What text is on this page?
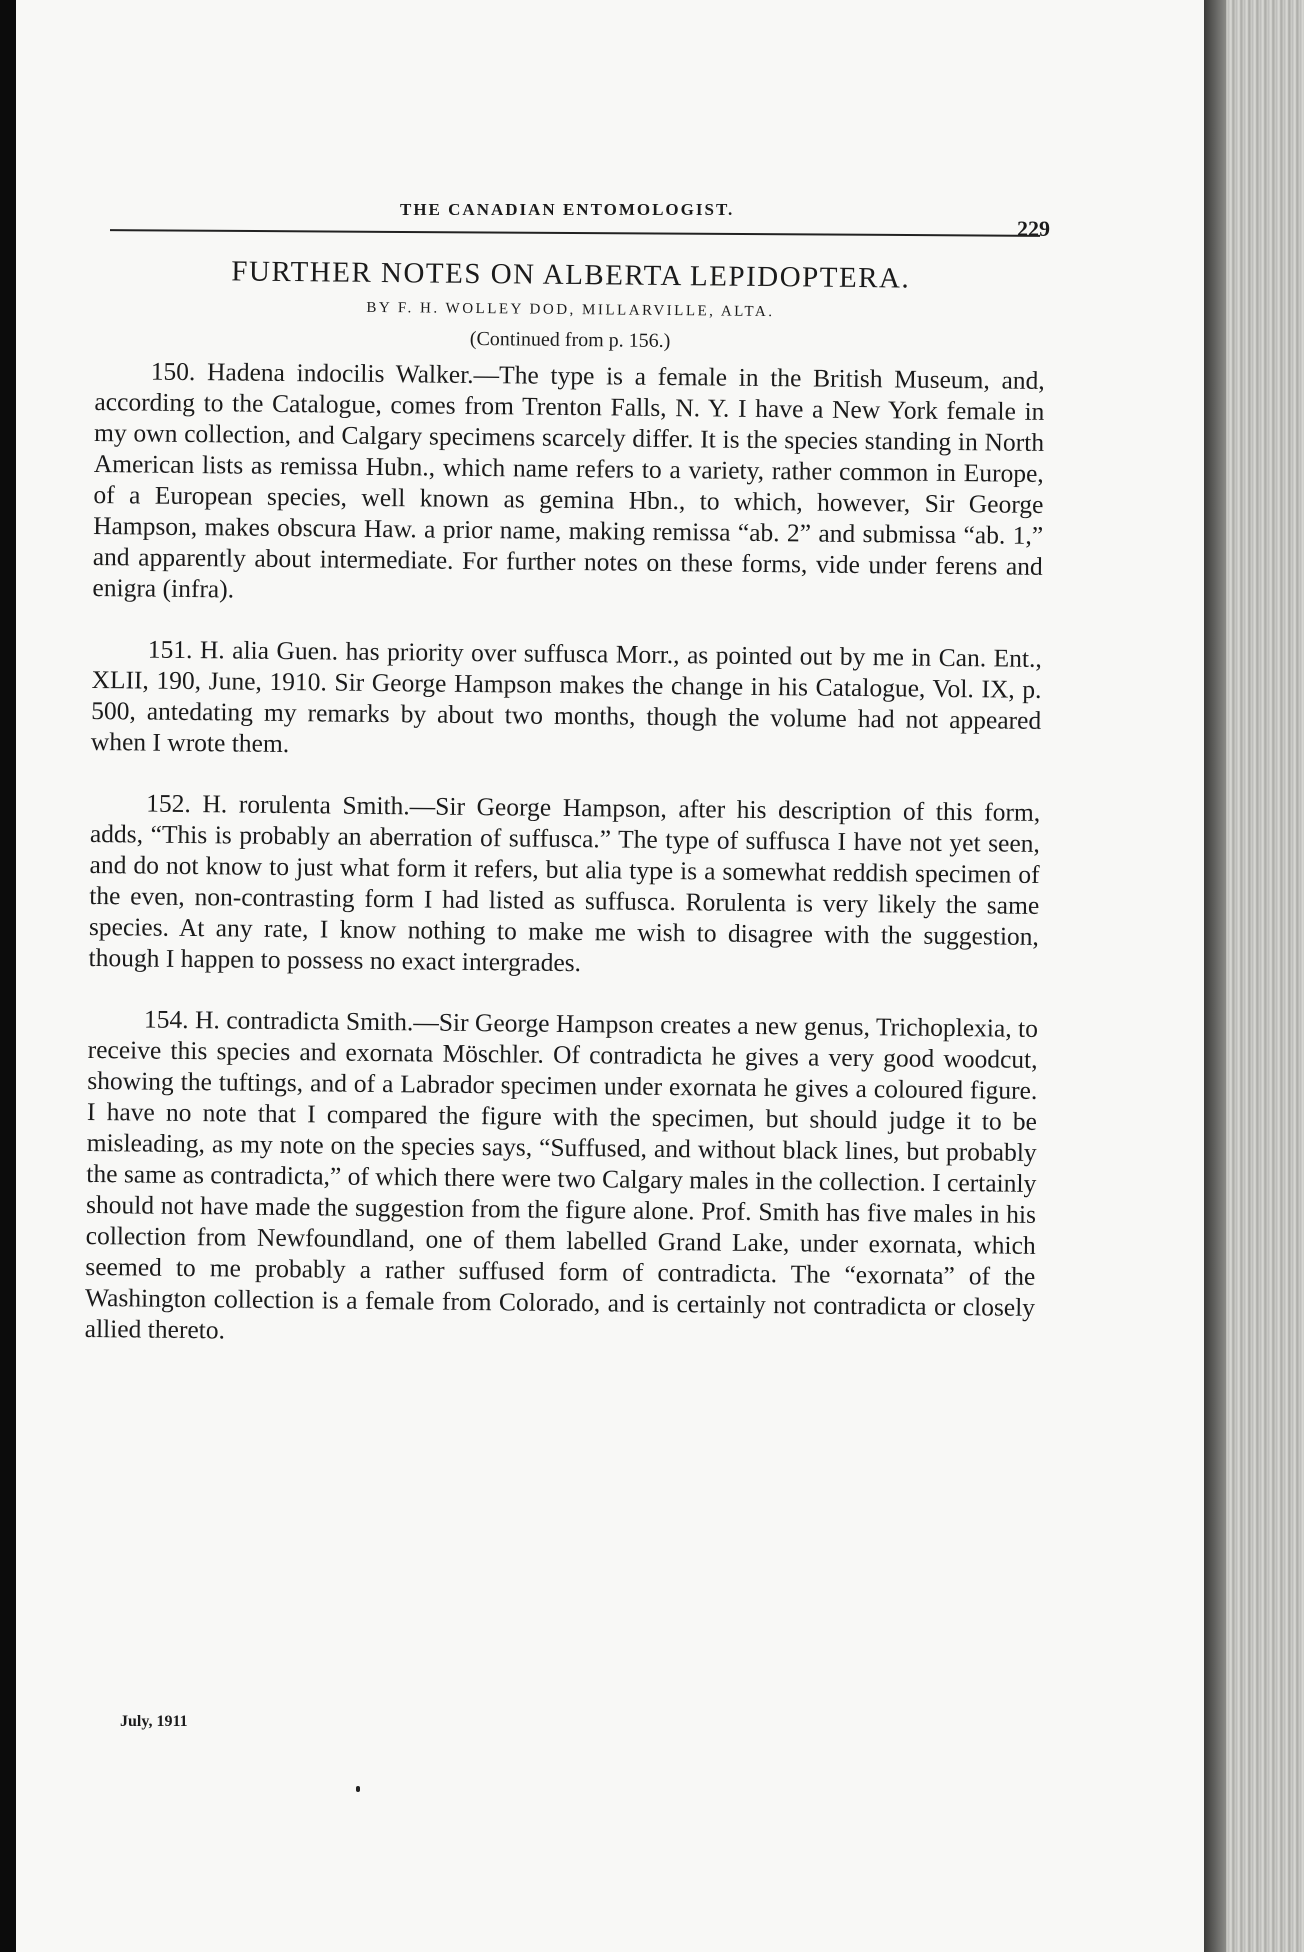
THE CANADIAN ENTOMOLOGIST.
229
FURTHER NOTES ON ALBERTA LEPIDOPTERA.
BY F. H. WOLLEY DOD, MILLARVILLE, ALTA.
(Continued from p. 156.)

150. Hadena indocilis Walker.—The type is a female in the British Museum, and, according to the Catalogue, comes from Trenton Falls, N. Y. I have a New York female in my own collection, and Calgary specimens scarcely differ. It is the species standing in North American lists as remissa Hubn., which name refers to a variety, rather common in Europe, of a European species, well known as gemina Hbn., to which, however, Sir George Hampson, makes obscura Haw. a prior name, making remissa “ab. 2” and submissa “ab. 1,” and apparently about intermediate. For further notes on these forms, vide under ferens and enigra (infra).

151. H. alia Guen. has priority over suffusca Morr., as pointed out by me in Can. Ent., XLII, 190, June, 1910. Sir George Hampson makes the change in his Catalogue, Vol. IX, p. 500, antedating my remarks by about two months, though the volume had not appeared when I wrote them.

152. H. rorulenta Smith.—Sir George Hampson, after his description of this form, adds, “This is probably an aberration of suffusca.” The type of suffusca I have not yet seen, and do not know to just what form it refers, but alia type is a somewhat reddish specimen of the even, non-contrasting form I had listed as suffusca. Rorulenta is very likely the same species. At any rate, I know nothing to make me wish to disagree with the suggestion, though I happen to possess no exact intergrades.

154. H. contradicta Smith.—Sir George Hampson creates a new genus, Trichoplexia, to receive this species and exornata Möschler. Of contradicta he gives a very good woodcut, showing the tuftings, and of a Labrador specimen under exornata he gives a coloured figure. I have no note that I compared the figure with the specimen, but should judge it to be misleading, as my note on the species says, “Suffused, and without black lines, but probably the same as contradicta,” of which there were two Calgary males in the collection. I certainly should not have made the suggestion from the figure alone. Prof. Smith has five males in his collection from Newfoundland, one of them labelled Grand Lake, under exornata, which seemed to me probably a rather suffused form of contradicta. The “exornata” of the Washington collection is a female from Colorado, and is certainly not contradicta or closely allied thereto.

July, 1911
